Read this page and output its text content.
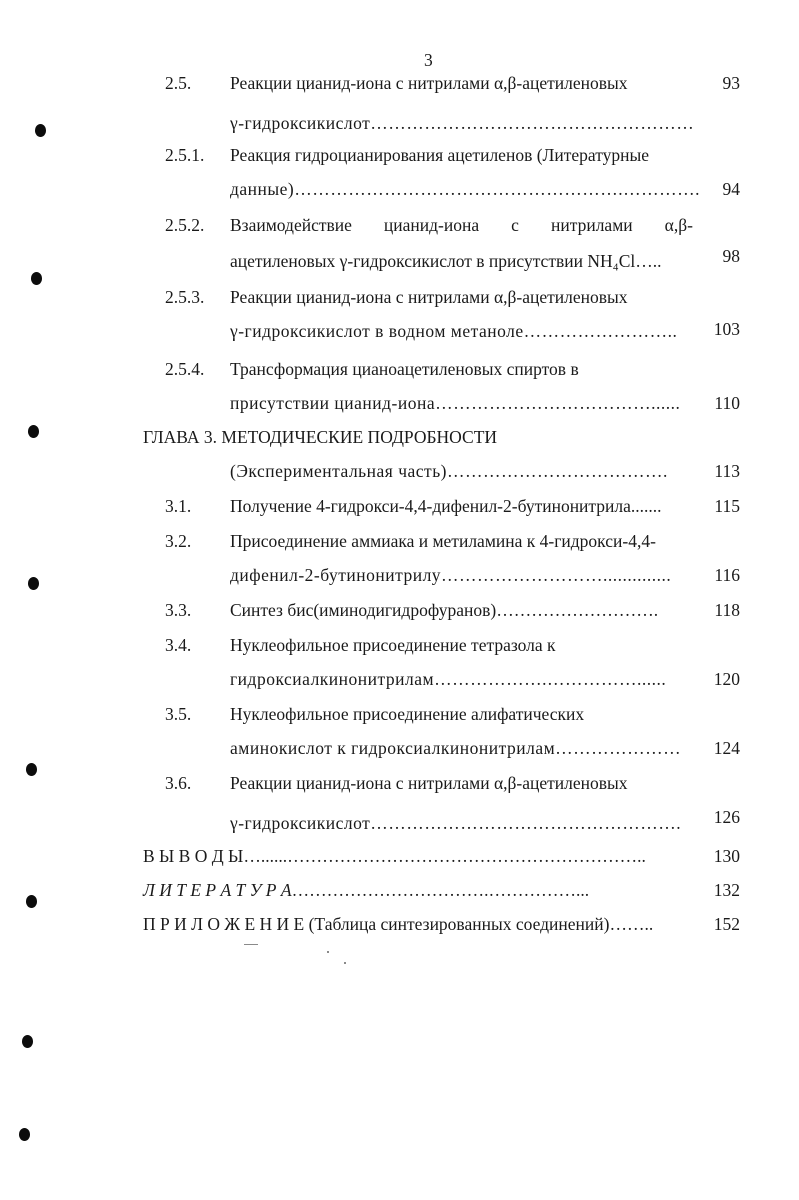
3
2.5. Реакции цианид-иона с нитрилами α,β-ацетиленовых	93
γ-гидроксикислот………………………………………………
2.5.1. Реакция гидроцианирования ацетиленов (Литературные
данные)……………………………………………….………….	94
2.5.2. Взаимодействие цианид-иона с нитрилами α,β-
ацетиленовых γ-гидроксикислот в присутствии NH₄Cl…..	98
2.5.3. Реакции цианид-иона с нитрилами α,β-ацетиленовых
γ-гидроксикислот в водном метаноле……………………..	103
2.5.4. Трансформация цианоацетиленовых спиртов в
присутствии цианид-иона………………………………......	110
ГЛАВА 3. МЕТОДИЧЕСКИЕ ПОДРОБНОСТИ
(Экспериментальная часть)……………………………….	113
3.1. Получение 4-гидрокси-4,4-дифенил-2-бутинонитрила.......	115
3.2. Присоединение аммиака и метиламина к 4-гидрокси-4,4-
дифенил-2-бутинонитрилу………………………..............	116
3.3. Синтез бис(иминодигидрофуранов)……………………….	118
3.4. Нуклеофильное присоединение тетразола к
гидроксиалкинонитрилам……………….……………......	120
3.5. Нуклеофильное присоединение алифатических
аминокислот к гидроксиалкинонитрилам…………………	124
3.6. Реакции цианид-иона с нитрилами α,β-ацетиленовых
γ-гидроксикислот…………………………………………….	126
В Ы В О Д Ы…......……………………………………………………..	130
Л И Т Е Р А Т У Р А…………………………….……………...	132
П Р И Л О Ж Е Н И Е (Таблица синтезированных соединений)……..	152
